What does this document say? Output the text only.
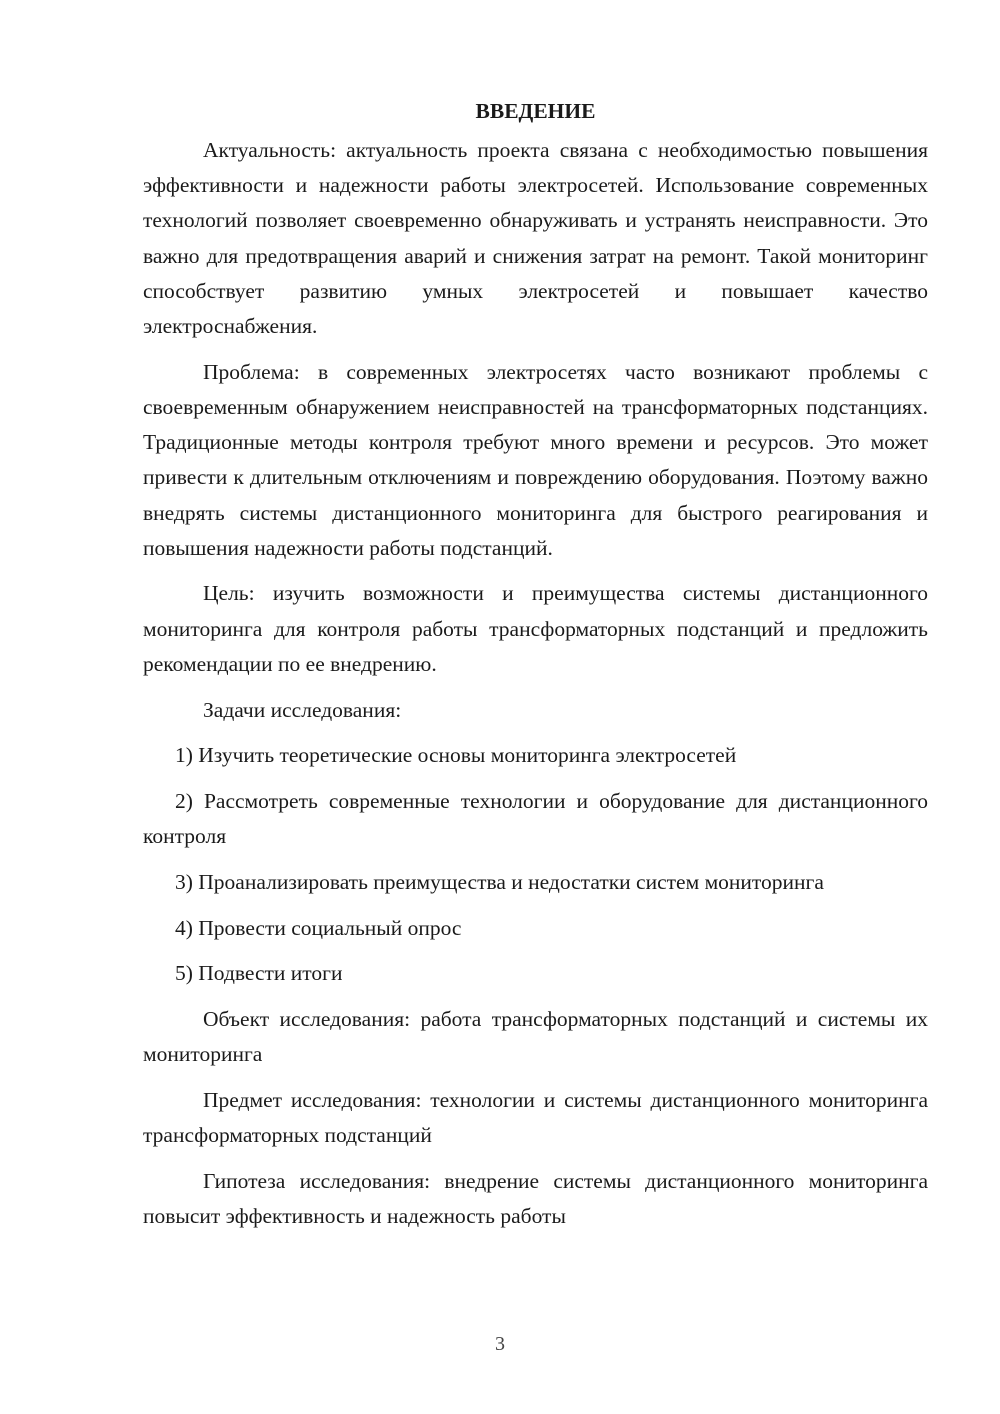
ВВЕДЕНИЕ

Актуальность: актуальность проекта связана с необходимостью повышения эффективности и надежности работы электросетей. Использование современных технологий позволяет своевременно обнаруживать и устранять неисправности. Это важно для предотвращения аварий и снижения затрат на ремонт. Такой мониторинг способствует развитию умных электросетей и повышает качество электроснабжения.

Проблема: в современных электросетях часто возникают проблемы с своевременным обнаружением неисправностей на трансформаторных подстанциях. Традиционные методы контроля требуют много времени и ресурсов. Это может привести к длительным отключениям и повреждению оборудования. Поэтому важно внедрять системы дистанционного мониторинга для быстрого реагирования и повышения надежности работы подстанций.

Цель: изучить возможности и преимущества системы дистанционного мониторинга для контроля работы трансформаторных подстанций и предложить рекомендации по ее внедрению.

Задачи исследования:

1) Изучить теоретические основы мониторинга электросетей

2) Рассмотреть современные технологии и оборудование для дистанционного контроля

3) Проанализировать преимущества и недостатки систем мониторинга

4) Провести социальный опрос

5) Подвести итоги

Объект исследования: работа трансформаторных подстанций и системы их мониторинга

Предмет исследования: технологии и системы дистанционного мониторинга трансформаторных подстанций

Гипотеза исследования: внедрение системы дистанционного мониторинга повысит эффективность и надежность работы

3
